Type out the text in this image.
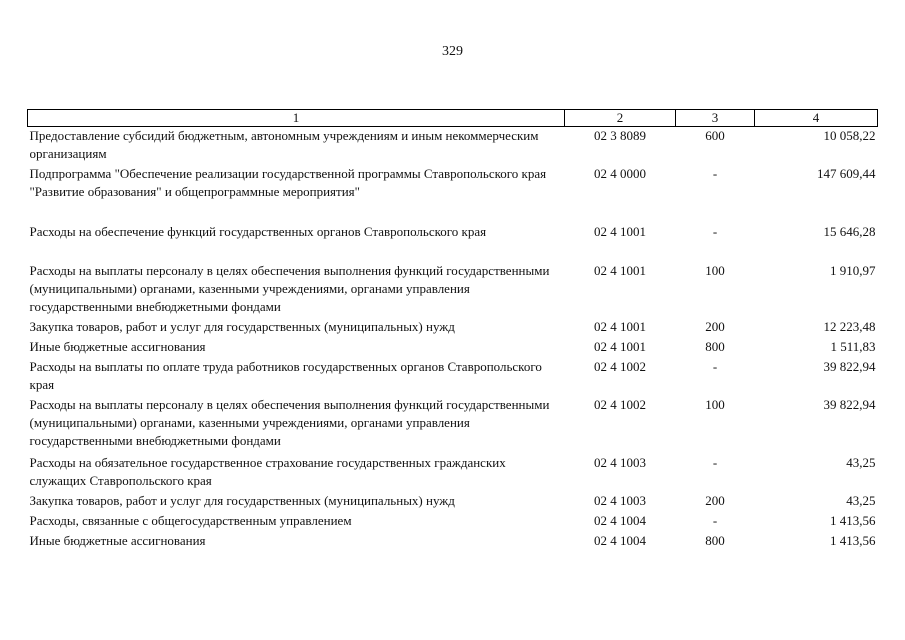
329
1	2	3	4
Предоставление субсидий бюджетным, автономным учреждениям и иным некоммерческим организациям	02 3 8089	600	10 058,22
Подпрограмма "Обеспечение реализации государственной программы Ставропольского края "Развитие образования" и общепрограммные мероприятия"	02 4 0000	-	147 609,44
Расходы на обеспечение функций государственных органов Ставропольского края	02 4 1001	-	15 646,28
Расходы на выплаты персоналу в целях обеспечения выполнения функций государственными (муниципальными) органами, казенными учреждениями, органами управления государственными внебюджетными фондами	02 4 1001	100	1 910,97
Закупка товаров, работ и услуг для государственных (муниципальных) нужд	02 4 1001	200	12 223,48
Иные бюджетные ассигнования	02 4 1001	800	1 511,83
Расходы на выплаты по оплате труда работников государственных органов Ставропольского края	02 4 1002	-	39 822,94
Расходы на выплаты персоналу в целях обеспечения выполнения функций государственными (муниципальными) органами, казенными учреждениями, органами управления государственными внебюджетными фондами	02 4 1002	100	39 822,94
Расходы на обязательное государственное страхование государственных гражданских служащих Ставропольского края	02 4 1003	-	43,25
Закупка товаров, работ и услуг для государственных (муниципальных) нужд	02 4 1003	200	43,25
Расходы, связанные с общегосударственным управлением	02 4 1004	-	1 413,56
Иные бюджетные ассигнования	02 4 1004	800	1 413,56
